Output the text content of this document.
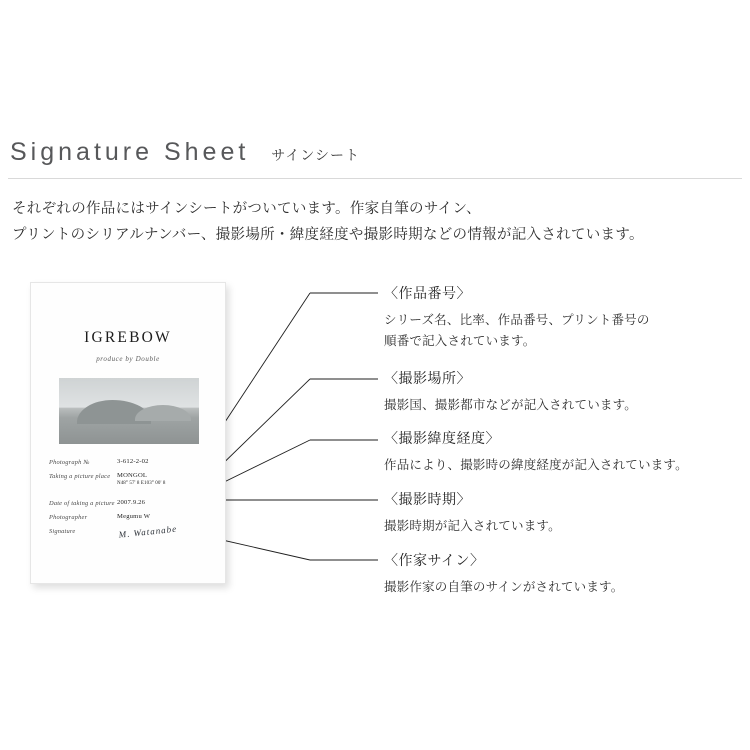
Signature Sheet サインシート
それぞれの作品にはサインシートがついています。作家自筆のサイン、
プリントのシリアルナンバー、撮影場所・緯度経度や撮影時期などの情報が記入されています。
IGREBOW
produce by Double
Photograph №	3-612-2-02
Taking a picture place	MONGOL
N48° 57' 8 E103° 00' 8
Date of taking a picture 2007.9.26
Photographer	Megumu W
Signature	M. Watanabe
〈作品番号〉
シリーズ名、比率、作品番号、プリント番号の
順番で記入されています。
〈撮影場所〉
撮影国、撮影都市などが記入されています。
〈撮影緯度経度〉
作品により、撮影時の緯度経度が記入されています。
〈撮影時期〉
撮影時期が記入されています。
〈作家サイン〉
撮影作家の自筆のサインがされています。
